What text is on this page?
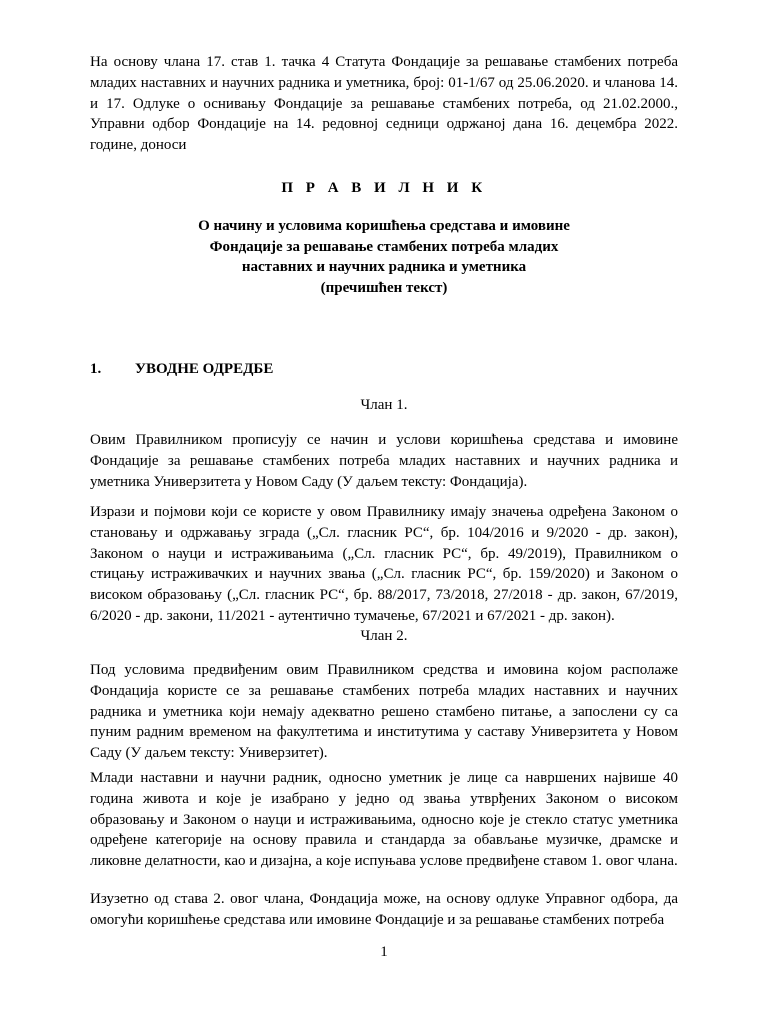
На основу члана 17. став 1. тачка 4 Статута Фондације за решавање стамбених потреба младих наставних и научних радника и уметника, број: 01-1/67 од 25.06.2020. и чланова 14. и 17. Одлуке о оснивању Фондације за решавање стамбених потреба, од 21.02.2000., Управни одбор Фондације на 14. редовној седници одржаној дана 16. децембра 2022. године, доноси

П Р А В И Л Н И К
О начину и условима коришћења средстава и имовине
Фондације за решавање стамбених потреба младих
наставних и научних радника и уметника
(пречишћен текст)
1. УВОДНЕ ОДРЕДБЕ
Члан 1.

Овим Правилником прописују се начин и услови коришћења средстава и имовине Фондације за решавање стамбених потреба младих наставних и научних радника и уметника Универзитета у Новом Саду (У даљем тексту: Фондација).

Изрази и појмови који се користе у овом Правилнику имају значења одређена Законом о становању и одржавању зграда („Сл. гласник РС“, бр. 104/2016 и 9/2020 - др. закон), Законом о науци и истраживањима („Сл. гласник РС“, бр. 49/2019), Правилником о стицању истраживачких и научних звања („Сл. гласник РС“, бр. 159/2020) и Законом о високом образовању („Сл. гласник РС“, бр. 88/2017, 73/2018, 27/2018 - др. закон, 67/2019, 6/2020 - др. закони, 11/2021 - аутентично тумачење, 67/2021 и 67/2021 - др. закон).

Члан 2.

Под условима предвиђеним овим Правилником средства и имовина којом располаже Фондација користе се за решавање стамбених потреба младих наставних и научних радника и уметника који немају адекватно решено стамбено питање, а запослени су са пуним радним временом на факултетима и институтима у саставу Универзитета у Новом Саду (У даљем тексту: Универзитет).

Млади наставни и научни радник, односно уметник је лице са навршених највише 40 година живота и које је изабрано у једно од звања утврђених Законом о високом образовању и Законом о науци и истраживањима, односно које је стекло статус уметника одређене категорије на основу правила и стандарда за обављање музичке, драмске и ликовне делатности, као и дизајна, а које испуњава услове предвиђене ставом 1. овог члана.

Изузетно од става 2. овог члана, Фондација може, на основу одлуке Управног одбора, да омогући коришћење средстава или имовине Фондације и за решавање стамбених потреба

1
